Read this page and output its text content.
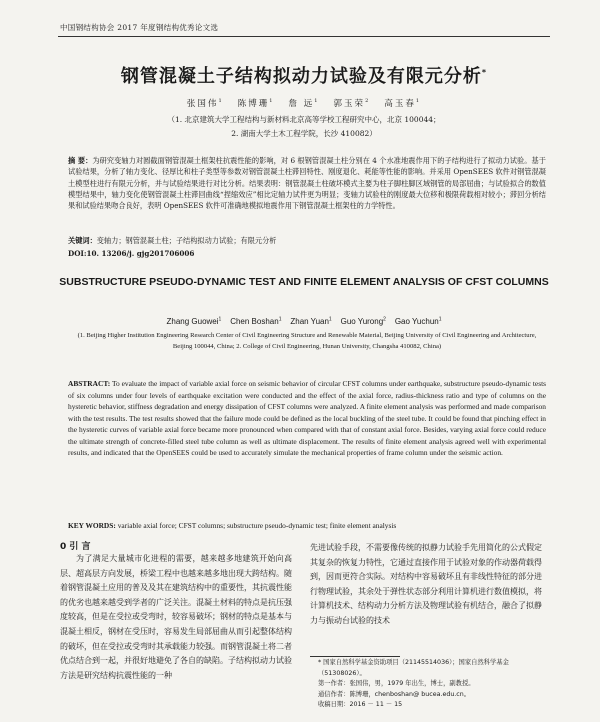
中国钢结构协会 2017 年度钢结构优秀论文选
钢管混凝土子结构拟动力试验及有限元分析*
张国伟$^1$ 陈博珊$^1$ 詹 远$^1$ 郭玉荣$^2$ 高玉春$^1$
（1. 北京建筑大学工程结构与新材料北京高等学校工程研究中心，北京 100044；
2. 湖南大学土木工程学院，长沙 410082）
摘 要：为研究变轴力对圆截面钢管混凝土框架柱抗震性能的影响，对 6 根钢管混凝土柱分别在 4 个水准地震作用下的子结构进行了拟动力试验。基于试验结果，分析了轴力变化、径厚比和柱子类型等参数对钢管混凝土柱滞回特性、刚度退化、耗能等性能的影响。并采用 OpenSEES 软件对钢管混凝土模型柱进行有限元分析，并与试验结果进行对比分析。结果表明：钢管混凝土柱破坏模式主要为柱子脚柱脚区域钢管的局部屈曲；与试验拟合的数值模型结果中，轴力变化使钢管混凝土柱滞回曲线“捏缩效应”相比定轴力试件更为明显；变轴力试验柱的刚度最大位移和极限荷载相对较小；滞回分析结果和试验结果吻合良好，表明 OpenSEES 软件可准确地模拟地震作用下钢管混凝土框架柱的力学特性。
关键词：变轴力；钢管混凝土柱；子结构拟动力试验；有限元分析
DOI:10. 13206/j. gjg201706006
SUBSTRUCTURE PSEUDO-DYNAMIC TEST AND FINITE ELEMENT ANALYSIS OF CFST COLUMNS
Zhang Guowei$^1$ Chen Boshan$^1$ Zhan Yuan$^1$ Guo Yurong$^2$ Gao Yuchun$^1$
(1. Beijing Higher Institution Engineering Research Center of Civil Engineering Structure and Renewable Material, Beijing University of Civil Engineering and Architecture, Beijing 100044, China; 2. College of Civil Engineering, Hunan University, Changsha 410082, China)
ABSTRACT: To evaluate the impact of variable axial force on seismic behavior of circular CFST columns under earthquake, substructure pseudo-dynamic tests of six columns under four levels of earthquake excitation were conducted and the effect of the axial force, radius-thickness ratio and type of columns on the hysteretic behavior, stiffness degradation and energy dissipation of CFST columns were analyzed. A finite element analysis was performed and made comparison with the test results. The test results showed that the failure mode could be defined as the local buckling of the steel tube. It could be found that pinching effect in the hysteretic curves of variable axial force became more pronounced when compared with that of constant axial force. Besides, varying axial force could reduce the ultimate strength of concrete-filled steel tube column as well as ultimate displacement. The results of finite element analysis agreed well with experimental results, and indicated that the OpenSEES could be used to accurately simulate the mechanical properties of frame column under the seismic action.
KEY WORDS: variable axial force; CFST columns; substructure pseudo-dynamic test; finite element analysis
0 引 言

为了满足大量城市化进程的需要，越来越多地建筑开始向高层、超高层方向发展，桥梁工程中也越来越多地出现大跨结构。随着钢管混凝土应用的普及及其在建筑结构中的重要性，其抗震性能的优劣也越来越受到学者的广泛关注。混凝土材料的特点是抗压强度较高，但是在受拉或受弯时，较容易破坏；钢材的特点是基本与混凝土相反，钢材在受压时，容易发生局部屈曲从而引起整体结构的破坏，但在受拉或受弯时其承载能力较强。而钢管混凝土将二者优点结合到一起，并很好地避免了各自的缺陷。子结构拟动力试验方法是研究结构抗震性能的一种

先进试验手段，不需要像传统的拟静力试验手先用简化的公式假定其复杂的恢复力特性，它通过直接作用于试验对象的作动器荷载得到，因而更符合实际。对结构中容易破坏且有非线性特征的部分进行物理试验，其余处于弹性状态部分利用计算机进行数值模拟，将计算机技术、结构动力分析方法及物理试验有机结合，融合了拟静力与振动台试验的技术

* 国家自然科学基金资助项目（21145514036）；国家自然科学基金（51308026）。
第一作者：张国伟，男，1979 年出生，博士，副教授。
通信作者：陈博珊，chenboshan@ bucea.edu.cn。
收稿日期：2016 － 11 － 15
